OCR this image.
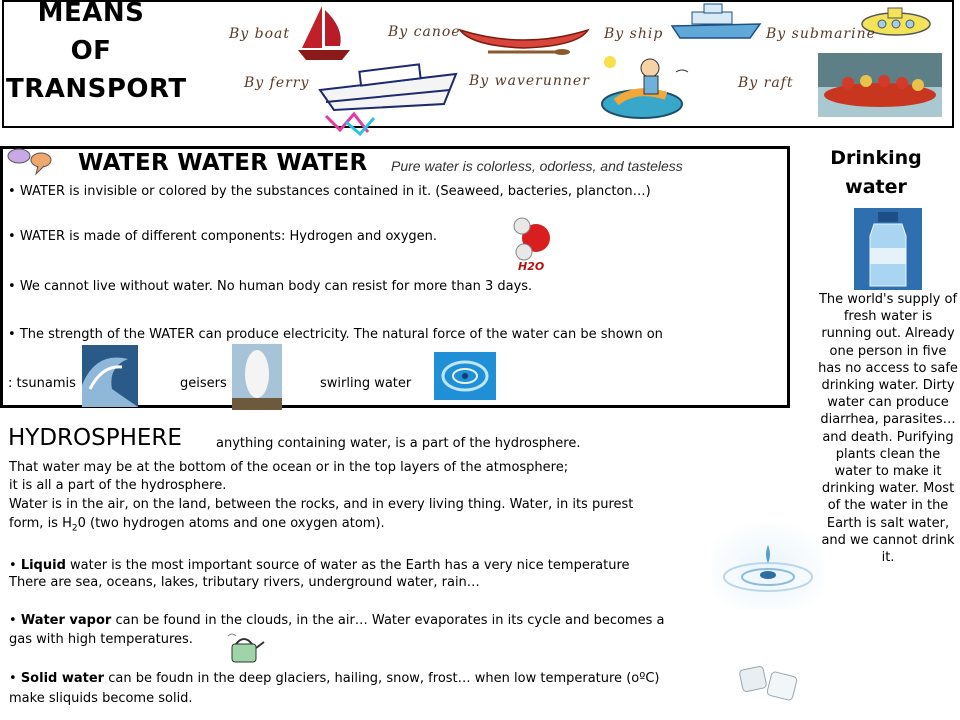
MEANS
OF
TRANSPORT
By boat	By canoe	By ship	By submarine
By ferry	By waverunner	By raft
WATER WATER WATER Pure water is colorless, odorless, and tasteless
• WATER is invisible or colored by the substances contained in it. (Seaweed, bacteries, plancton…)
• WATER is made of different components: Hydrogen and oxygen.
• We cannot live without water. No human body can resist for more than 3 days.
• The strength of the WATER can produce electricity. The natural force of the water can be shown on
H2O
: tsunamis	geisers	swirling water
HYDROSPHERE	anything containing water, is a part of the hydrosphere.
That water may be at the bottom of the ocean or in the top layers of the atmosphere;
it is all a part of the hydrosphere.
Water is in the air, on the land, between the rocks, and in every living thing. Water, in its purest
form, is $H_20$ (two hydrogen atoms and one oxygen atom).
• Liquid water is the most important source of water as the Earth has a very nice temperature
There are sea, oceans, lakes, tributary rivers, underground water, rain…
• Water vapor can be found in the clouds, in the air… Water evaporates in its cycle and becomes a
gas with high temperatures.
• Solid water can be foudn in the deep glaciers, hailing, snow, frost… when low temperature (oºC)
make sliquids become solid.
Drinking water
The world's supply of fresh water is running out. Already one person in five has no access to safe drinking water. Dirty water can produce diarrhea, parasites… and death. Purifying plants clean the water to make it drinking water. Most of the water in the Earth is salt water, and we cannot drink it.
